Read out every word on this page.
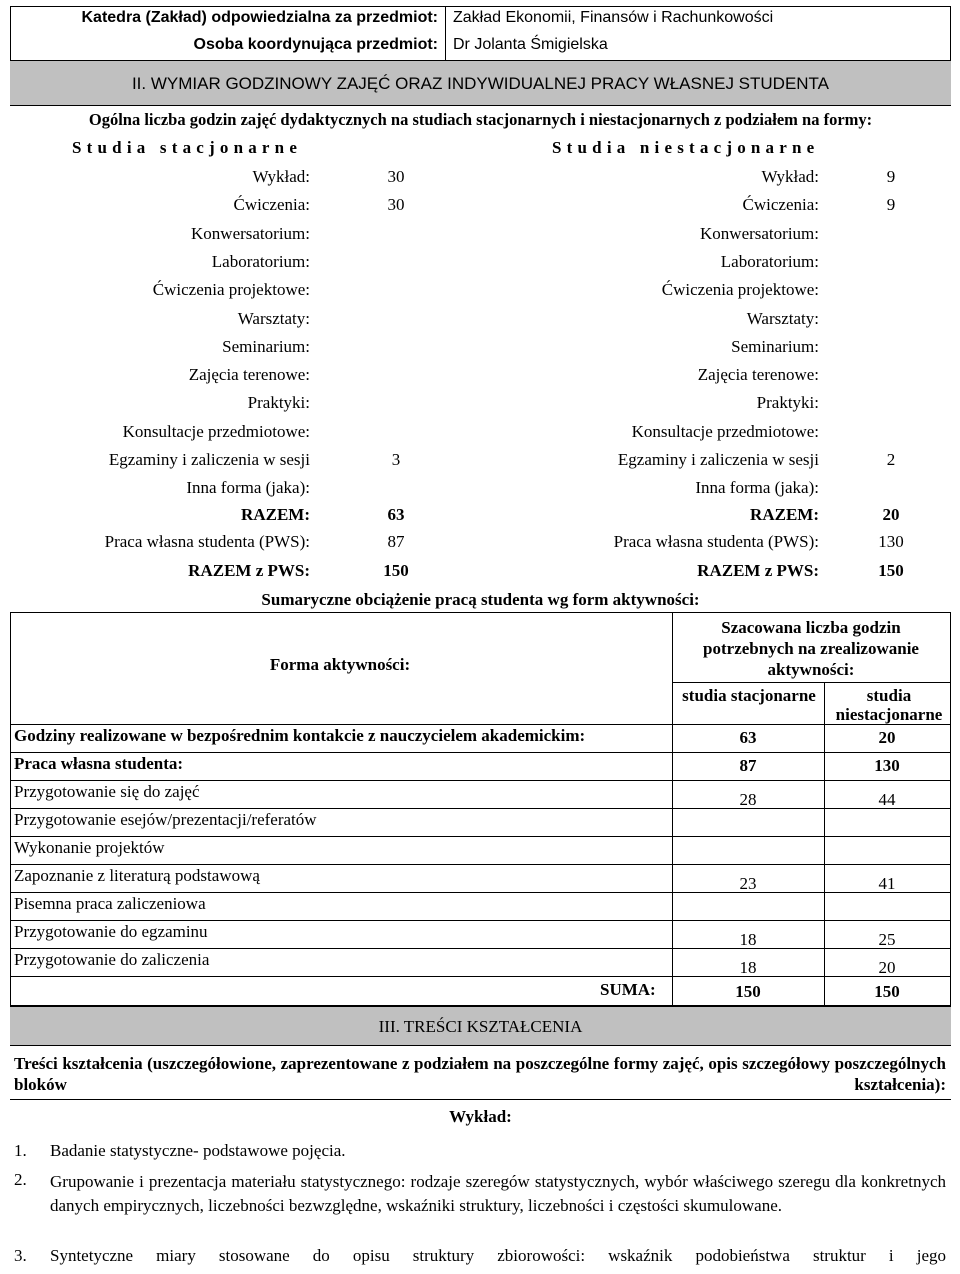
Katedra (Zakład) odpowiedzialna za przedmiot: Zakład Ekonomii, Finansów i Rachunkowości
Osoba koordynująca przedmiot: Dr Jolanta Śmigielska
II. WYMIAR GODZINOWY ZAJĘĆ ORAZ INDYWIDUALNEJ PRACY WŁASNEJ STUDENTA
Ogólna liczba godzin zajęć dydaktycznych na studiach stacjonarnych i niestacjonarnych z podziałem na formy:
Studia stacjonarne	Studia niestacjonarne
Wykład:	30	Wykład:	9
Ćwiczenia:	30	Ćwiczenia:	9
Konwersatorium:	Konwersatorium:
Laboratorium:	Laboratorium:
Ćwiczenia projektowe:	Ćwiczenia projektowe:
Warsztaty:	Warsztaty:
Seminarium:	Seminarium:
Zajęcia terenowe:	Zajęcia terenowe:
Praktyki:	Praktyki:
Konsultacje przedmiotowe:	Konsultacje przedmiotowe:
Egzaminy i zaliczenia w sesji	3	Egzaminy i zaliczenia w sesji	2
Inna forma (jaka):	Inna forma (jaka):
RAZEM:	63	RAZEM:	20
Praca własna studenta (PWS):	87	Praca własna studenta (PWS):	130
RAZEM z PWS:	150	RAZEM z PWS:	150
Sumaryczne obciążenie pracą studenta wg form aktywności:
Forma aktywności:
Szacowana liczba godzin potrzebnych na zrealizowanie aktywności:
studia stacjonarne	studia niestacjonarne
Godziny realizowane w bezpośrednim kontakcie z nauczycielem akademickim:	63	20
Praca własna studenta:	87	130
Przygotowanie się do zajęć	28	44
Przygotowanie esejów/prezentacji/referatów
Wykonanie projektów
Zapoznanie z literaturą podstawową	23	41
Pisemna praca zaliczeniowa
Przygotowanie do egzaminu	18	25
Przygotowanie do zaliczenia	18	20
SUMA:	150	150
III. TREŚCI KSZTAŁCENIA
Treści kształcenia (uszczegółowione, zaprezentowane z podziałem na poszczególne formy zajęć, opis szczegółowy poszczególnych bloków kształcenia):
Wykład:
1. Badanie statystyczne- podstawowe pojęcia.
2. Grupowanie i prezentacja materiału statystycznego: rodzaje szeregów statystycznych, wybór właściwego szeregu dla konkretnych danych empirycznych, liczebności bezwzględne, wskaźniki struktury, liczebności i częstości skumulowane.
3. Syntetyczne miary stosowane do opisu struktury zbiorowości: wskaźnik podobieństwa struktur i jego
